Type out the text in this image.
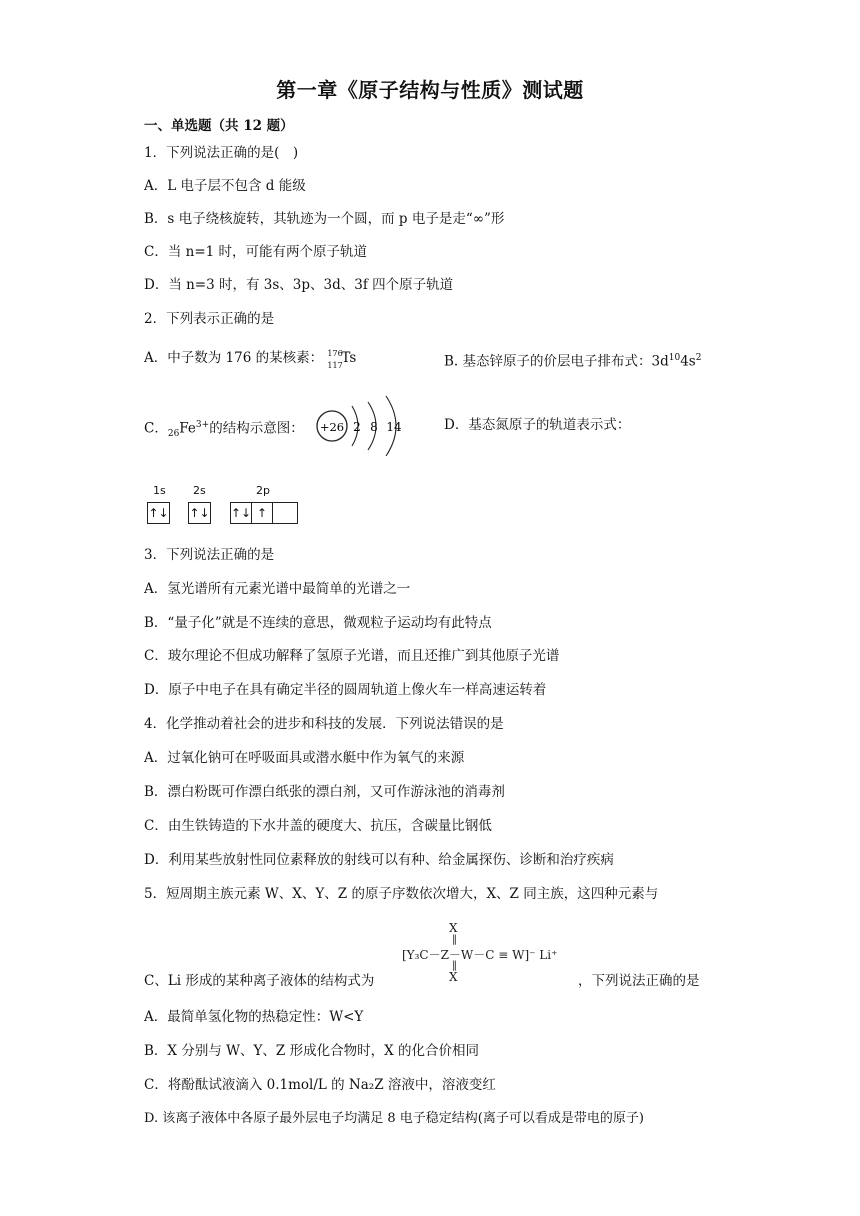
第一章《原子结构与性质》测试题
一、单选题（共 12 题）
1．下列说法正确的是(　)
A．L 电子层不包含 d 能级
B．s 电子绕核旋转，其轨迹为一个圆，而 p 电子是走“∞”形
C．当 n=1 时，可能有两个原子轨道
D．当 n=3 时，有 3s、3p、3d、3f 四个原子轨道
2．下列表示正确的是
A．中子数为 176 的某核素： 176
117
Ts	B. 基态锌原子的价层电子排布式：$3d^{10}4s^2$
C．$_{26}Fe^{3+}$的结构示意图： +26 2 8 14	D．基态氮原子的轨道表示式：
1s 2s	2p
↑↓ ↑↓ ↑↓ ↑
3．下列说法正确的是
A．氢光谱所有元素光谱中最简单的光谱之一
B．“量子化”就是不连续的意思，微观粒子运动均有此特点
C．玻尔理论不但成功解释了氢原子光谱，而且还推广到其他原子光谱
D．原子中电子在具有确定半径的圆周轨道上像火车一样高速运转着
4．化学推动着社会的进步和科技的发展．下列说法错误的是
A．过氧化钠可在呼吸面具或潜水艇中作为氧气的来源
B．漂白粉既可作漂白纸张的漂白剂，又可作游泳池的消毒剂
C．由生铁铸造的下水井盖的硬度大、抗压，含碳量比钢低
D．利用某些放射性同位素释放的射线可以有种、给金属探伤、诊断和治疗疾病
5．短周期主族元素 W、X、Y、Z 的原子序数依次增大，X、Z 同主族，这四种元素与
X
‖
[Y₃C－Z－W－C ≡ W]⁻ Li⁺
‖
X
C、Li 形成的某种离子液体的结构式为	，下列说法正确的是
A．最简单氢化物的热稳定性：W<Y
B．X 分别与 W、Y、Z 形成化合物时，X 的化合价相同
C．将酚酞试液滴入 0.1mol/L 的 Na₂Z 溶液中，溶液变红
D. 该离子液体中各原子最外层电子均满足 8 电子稳定结构(离子可以看成是带电的原子)
